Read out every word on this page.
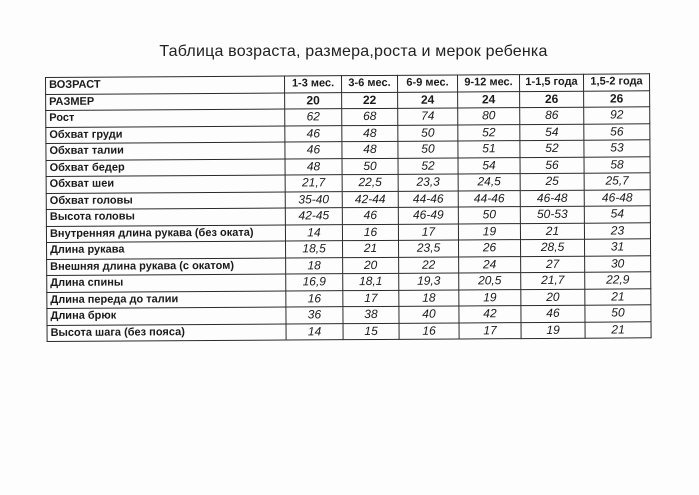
Таблица возраста, размера,роста и мерок ребенка
ВОЗРАСТ	1-3 мес.	3-6 мес.	6-9 мес.	9-12 мес.	1-1,5 года	1,5-2 года
РАЗМЕР	20	22	24	24	26	26
Рост	62	68	74	80	86	92
Обхват груди	46	48	50	52	54	56
Обхват талии	46	48	50	51	52	53
Обхват бедер	48	50	52	54	56	58
Обхват шеи	21,7	22,5	23,3	24,5	25	25,7
Обхват головы	35-40	42-44	44-46	44-46	46-48	46-48
Высота головы	42-45	46	46-49	50	50-53	54
Внутренняя длина рукава (без оката)	14	16	17	19	21	23
Длина рукава	18,5	21	23,5	26	28,5	31
Внешняя длина рукава (с окатом)	18	20	22	24	27	30
Длина спины	16,9	18,1	19,3	20,5	21,7	22,9
Длина переда до талии	16	17	18	19	20	21
Длина брюк	36	38	40	42	46	50
Высота шага (без пояса)	14	15	16	17	19	21
